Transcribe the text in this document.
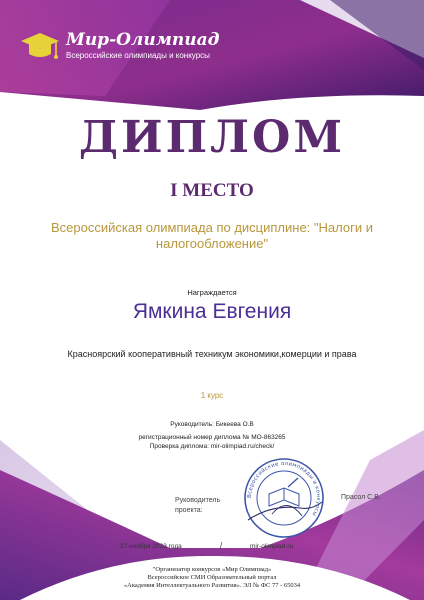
Мир-Олимпиад
Всероссийские олимпиады и конкурсы
ДИПЛОМ
I МЕСТО
Всероссийская олимпиада по дисциплине: "Налоги и налогообложение"
Награждается
Ямкина Евгения
Красноярский кооперативный техникум экономики,комерции и права
1 курс
Руководитель: Бикеева О.В
регистрационный номер диплома № МО-863265
Проверка диплома: mir-olimpiad.ru/check/
Руководитель проекта:
Всероссийские олимпиады и конкурсы
Прасол С.В.
27 ноября 2023 года	/	mir-olimpiad.ru
"Организатор конкурсов «Мир Олимпиад»
Всероссийское СМИ Образовательный портал
«Академия Интеллектуального Развития». ЭЛ № ФС 77 - 65034
